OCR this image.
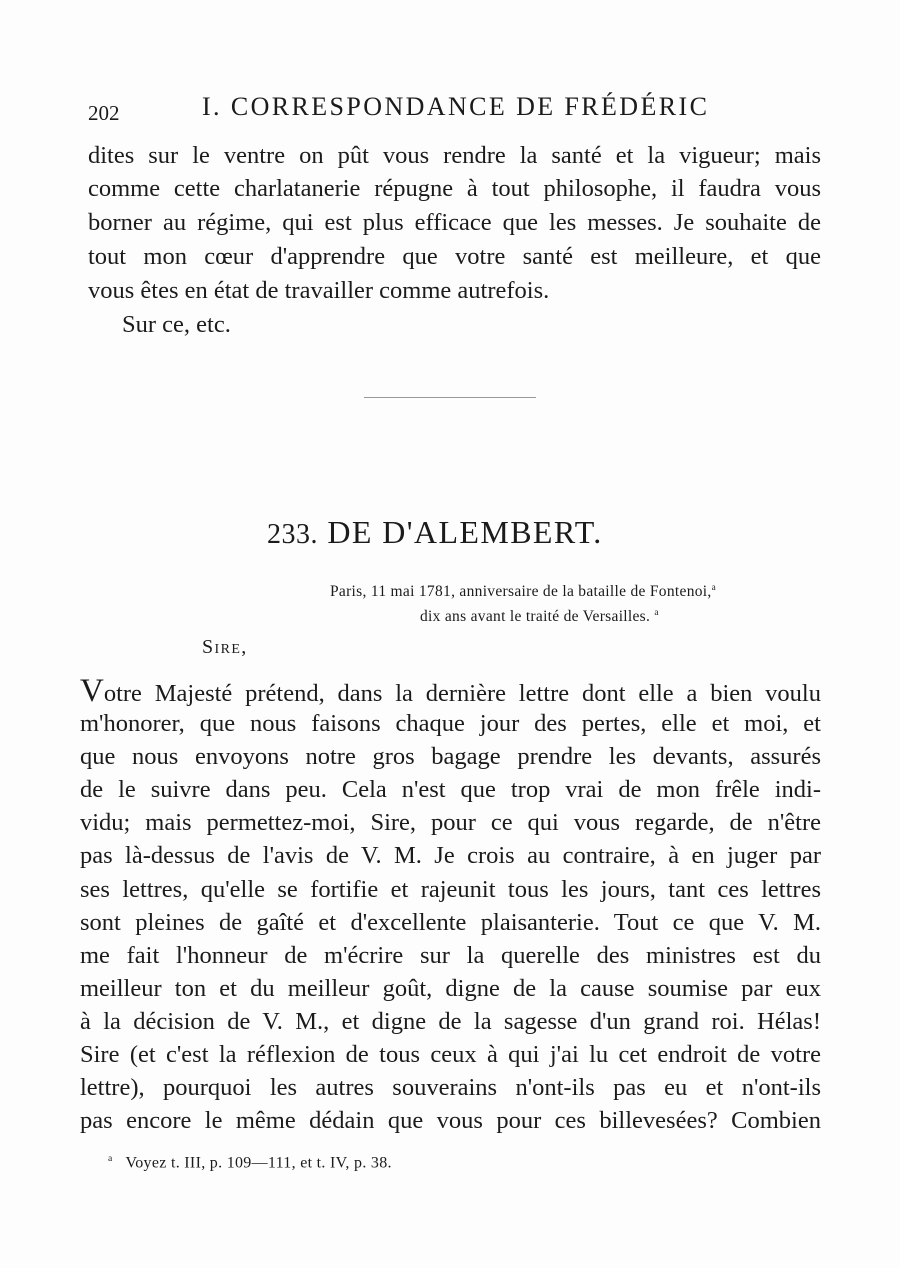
202	I. CORRESPONDANCE DE FRÉDÉRIC
dites sur le ventre on pût vous rendre la santé et la vigueur; mais
comme cette charlatanerie répugne à tout philosophe, il faudra vous
borner au régime, qui est plus efficace que les messes. Je souhaite de
tout mon cœur d'apprendre que votre santé est meilleure, et que
vous êtes en état de travailler comme autrefois.
Sur ce, etc.
233. DE D'ALEMBERT.
Paris, 11 mai 1781, anniversaire de la bataille de Fontenoi,$^a$
dix ans avant le traité de Versailles. $^a$
Sire,
Votre Majesté prétend, dans la dernière lettre dont elle a bien voulu
m'honorer, que nous faisons chaque jour des pertes, elle et moi, et
que nous envoyons notre gros bagage prendre les devants, assurés
de le suivre dans peu. Cela n'est que trop vrai de mon frêle indi-
vidu; mais permettez-moi, Sire, pour ce qui vous regarde, de n'être
pas là-dessus de l'avis de V. M. Je crois au contraire, à en juger par
ses lettres, qu'elle se fortifie et rajeunit tous les jours, tant ces lettres
sont pleines de gaîté et d'excellente plaisanterie. Tout ce que V. M.
me fait l'honneur de m'écrire sur la querelle des ministres est du
meilleur ton et du meilleur goût, digne de la cause soumise par eux
à la décision de V. M., et digne de la sagesse d'un grand roi. Hélas!
Sire (et c'est la réflexion de tous ceux à qui j'ai lu cet endroit de votre
lettre), pourquoi les autres souverains n'ont-ils pas eu et n'ont-ils
pas encore le même dédain que vous pour ces billevesées? Combien
$^a$ Voyez t. III, p. 109—111, et t. IV, p. 38.
